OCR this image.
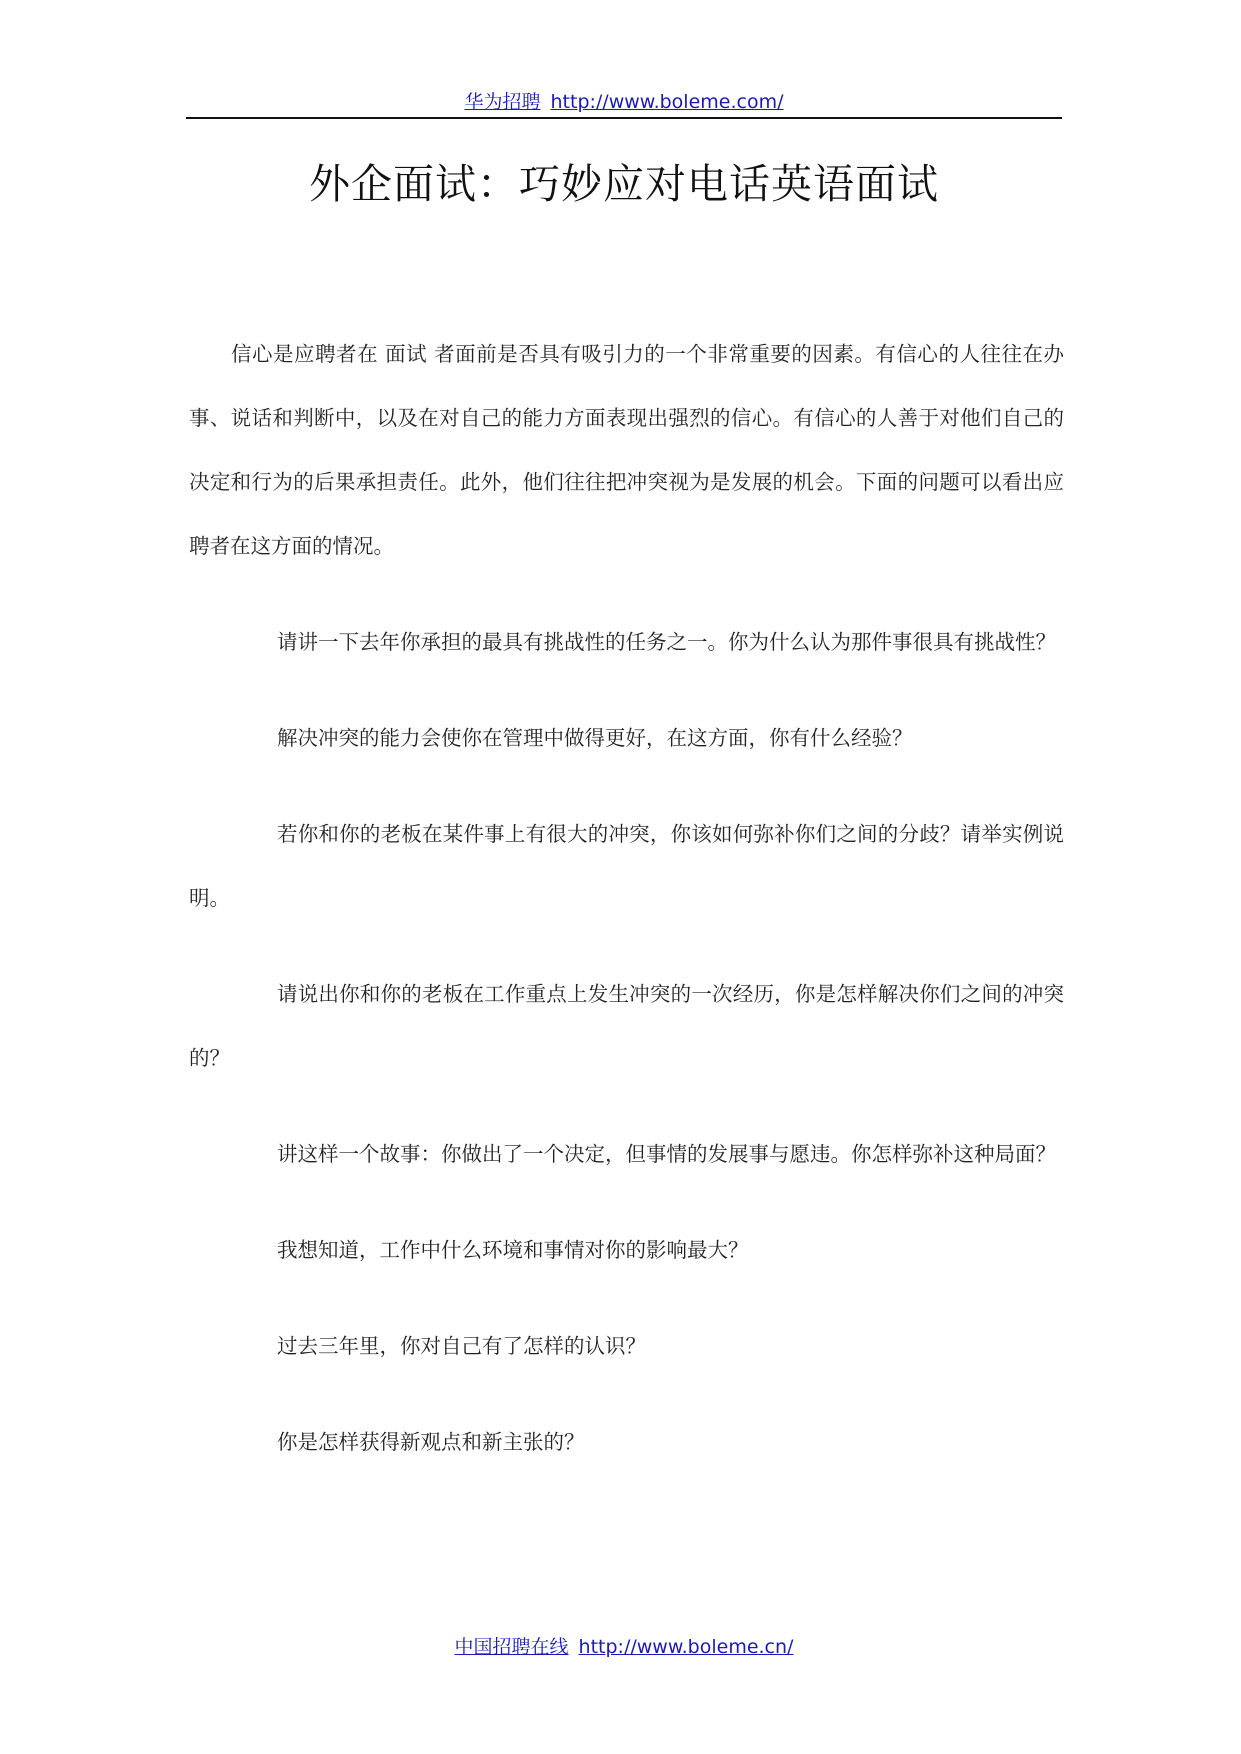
华为招聘 http://www.boleme.com/
外企面试：巧妙应对电话英语面试

信心是应聘者在 面试 者面前是否具有吸引力的一个非常重要的因素。有信心的人往往在办事、说话和判断中，以及在对自己的能力方面表现出强烈的信心。有信心的人善于对他们自己的决定和行为的后果承担责任。此外，他们往往把冲突视为是发展的机会。下面的问题可以看出应聘者在这方面的情况。

请讲一下去年你承担的最具有挑战性的任务之一。你为什么认为那件事很具有挑战性？

解决冲突的能力会使你在管理中做得更好，在这方面，你有什么经验？

若你和你的老板在某件事上有很大的冲突，你该如何弥补你们之间的分歧？请举实例说明。

请说出你和你的老板在工作重点上发生冲突的一次经历，你是怎样解决你们之间的冲突的？

讲这样一个故事：你做出了一个决定，但事情的发展事与愿违。你怎样弥补这种局面？

我想知道，工作中什么环境和事情对你的影响最大？

过去三年里，你对自己有了怎样的认识？

你是怎样获得新观点和新主张的？

中国招聘在线 http://www.boleme.cn/
